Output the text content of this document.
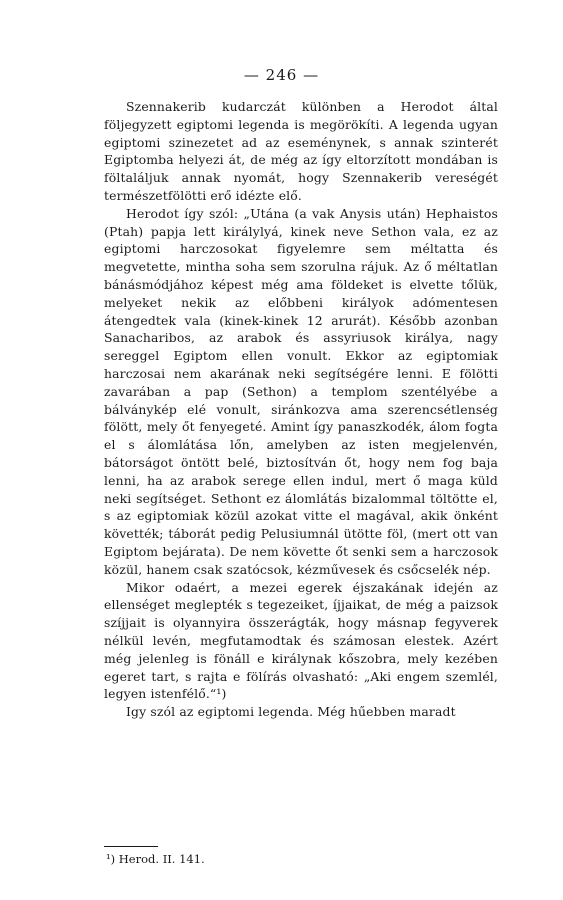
— 246 —

Szennakerib kudarczát különben a Herodot által följegyzett egiptomi legenda is megörökíti. A legenda ugyan egiptomi szinezetet ad az eseménynek, s annak szinterét Egiptomba helyezi át, de még az így eltorzított mondában is föltaláljuk annak nyomát, hogy Szennakerib vereségét természetfölötti erő idézte elő.

Herodot így szól: „Utána (a vak Anysis után) Hephaistos (Ptah) papja lett királylyá, kinek neve Sethon vala, ez az egiptomi harczosokat figyelemre sem méltatta és megvetette, mintha soha sem szorulna rájuk. Az ő méltatlan bánásmódjához képest még ama földeket is elvette tőlük, melyeket nekik az előbbeni királyok adómentesen átengedtek vala (kinek-kinek 12 arurát). Később azonban Sanacharibos, az arabok és assyriusok királya, nagy sereggel Egiptom ellen vonult. Ekkor az egiptomiak harczosai nem akarának neki segítségére lenni. E fölötti zavarában a pap (Sethon) a templom szentélyébe a bálványkép elé vonult, siránkozva ama szerencsétlenség fölött, mely őt fenyegeté. Amint így panaszkodék, álom fogta el s álomlátása lőn, amelyben az isten megjelenvén, bátorságot öntött belé, biztosítván őt, hogy nem fog baja lenni, ha az arabok serege ellen indul, mert ő maga küld neki segítséget. Sethont ez álomlátás bizalommal töltötte el, s az egiptomiak közül azokat vitte el magával, akik önként követték; táborát pedig Pelusiumnál ütötte föl, (mert ott van Egiptom bejárata). De nem követte őt senki sem a harczosok közül, hanem csak szatócsok, kézművesek és csőcselék nép.

Mikor odaért, a mezei egerek éjszakának idején az ellenséget meglepték s tegezeiket, íjjaikat, de még a paizsok szíjjait is olyannyira összerágták, hogy másnap fegyverek nélkül levén, megfutamodtak és számosan elestek. Azért még jelenleg is fönáll e királynak kőszobra, mely kezében egeret tart, s rajta e fölírás olvasható: „Aki engem szemlél, legyen istenfélő.“¹)

Igy szól az egiptomi legenda. Még hűebben maradt

¹) Herod. II. 141.
